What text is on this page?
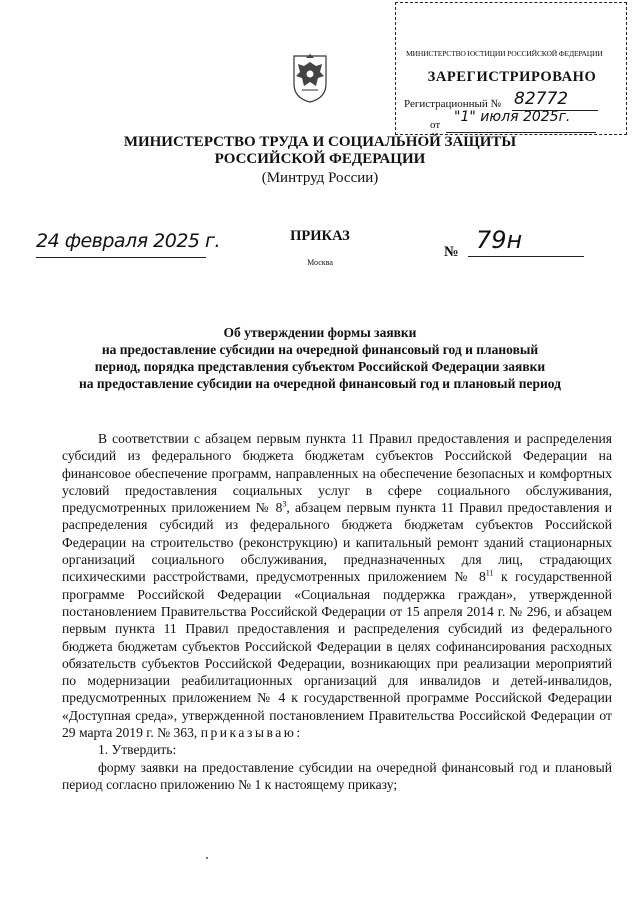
МИНИСТЕРСТВО ЮСТИЦИИ РОССИЙСКОЙ ФЕДЕРАЦИИ
ЗАРЕГИСТРИРОВАНО
Регистрационный № 82772
от "1" июля 2025г.
МИНИСТЕРСТВО ТРУДА И СОЦИАЛЬНОЙ ЗАЩИТЫ
РОССИЙСКОЙ ФЕДЕРАЦИИ
(Минтруд России)
24 февраля 2025 г.	ПРИКАЗ
Москва
№ 79н
Об утверждении формы заявки
на предоставление субсидии на очередной финансовый год и плановый
период, порядка представления субъектом Российской Федерации заявки
на предоставление субсидии на очередной финансовый год и плановый период

В соответствии с абзацем первым пункта 11 Правил предоставления и распределения субсидий из федерального бюджета бюджетам субъектов Российской Федерации на финансовое обеспечение программ, направленных на обеспечение безопасных и комфортных условий предоставления социальных услуг в сфере социального обслуживания, предусмотренных приложением № $8^3$, абзацем первым пункта 11 Правил предоставления и распределения субсидий из федерального бюджета бюджетам субъектов Российской Федерации на строительство (реконструкцию) и капитальный ремонт зданий стационарных организаций социального обслуживания, предназначенных для лиц, страдающих психическими расстройствами, предусмотренных приложением № $8^{11}$ к государственной программе Российской Федерации «Социальная поддержка граждан», утвержденной постановлением Правительства Российской Федерации от 15 апреля 2014 г. № 296, и абзацем первым пункта 11 Правил предоставления и распределения субсидий из федерального бюджета бюджетам субъектов Российской Федерации в целях софинансирования расходных обязательств субъектов Российской Федерации, возникающих при реализации мероприятий по модернизации реабилитационных организаций для инвалидов и детей-инвалидов, предусмотренных приложением № 4 к государственной программе Российской Федерации «Доступная среда», утвержденной постановлением Правительства Российской Федерации от 29 марта 2019 г. № 363, приказываю:

1. Утвердить:

форму заявки на предоставление субсидии на очередной финансовый год и плановый период согласно приложению № 1 к настоящему приказу;
